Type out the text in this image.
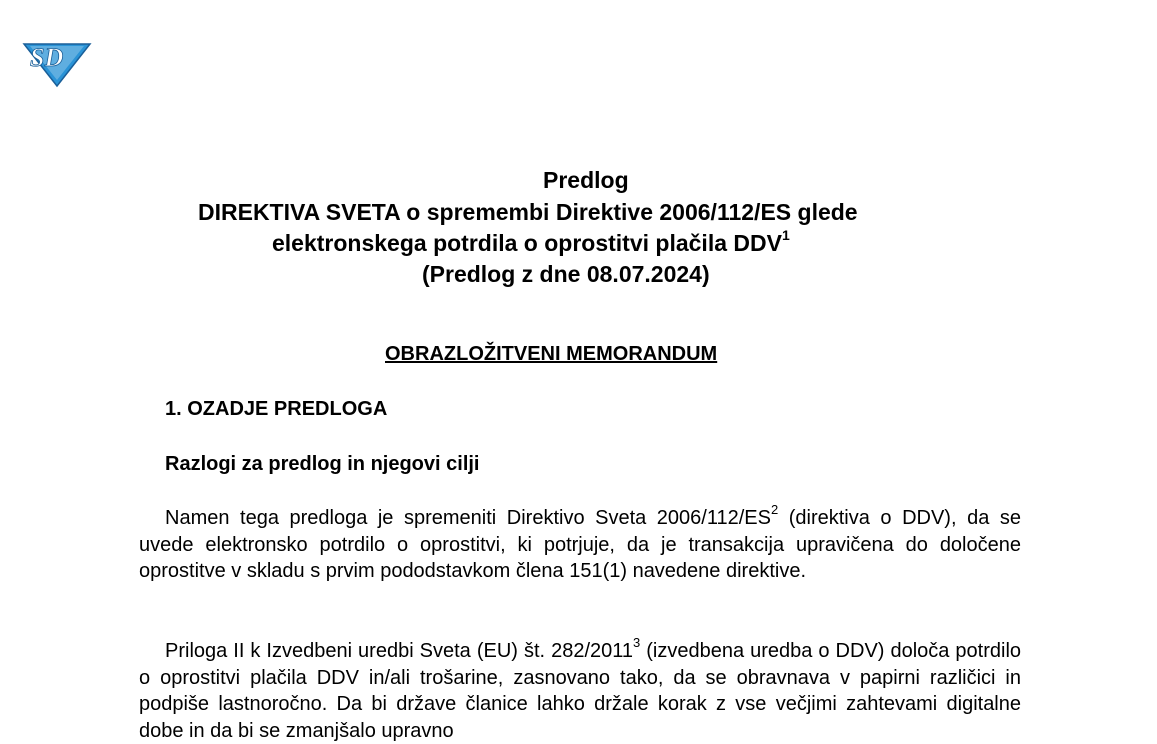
SD
Predlog
DIREKTIVA SVETA o spremembi Direktive 2006/112/ES glede
elektronskega potrdila o oprostitvi plačila DDV$^1$
(Predlog z dne 08.07.2024)
OBRAZLOŽITVENI MEMORANDUM
1. OZADJE PREDLOGA
Razlogi za predlog in njegovi cilji

Namen tega predloga je spremeniti Direktivo Sveta $2006/112/ES^2$ (direktiva o DDV), da se uvede elektronsko potrdilo o oprostitvi, ki potrjuje, da je transakcija upravičena do določene oprostitve v skladu s prvim pododstavkom člena 151(1) navedene direktive.

Priloga II k Izvedbeni uredbi Sveta (EU) št. 282/2011$^3$ (izvedbena uredba o DDV) določa potrdilo o oprostitvi plačila DDV in/ali trošarine, zasnovano tako, da se obravnava v papirni različici in podpiše lastnoročno. Da bi države članice lahko držale korak z vse večjimi zahtevami digitalne dobe in da bi se zmanjšalo upravno
